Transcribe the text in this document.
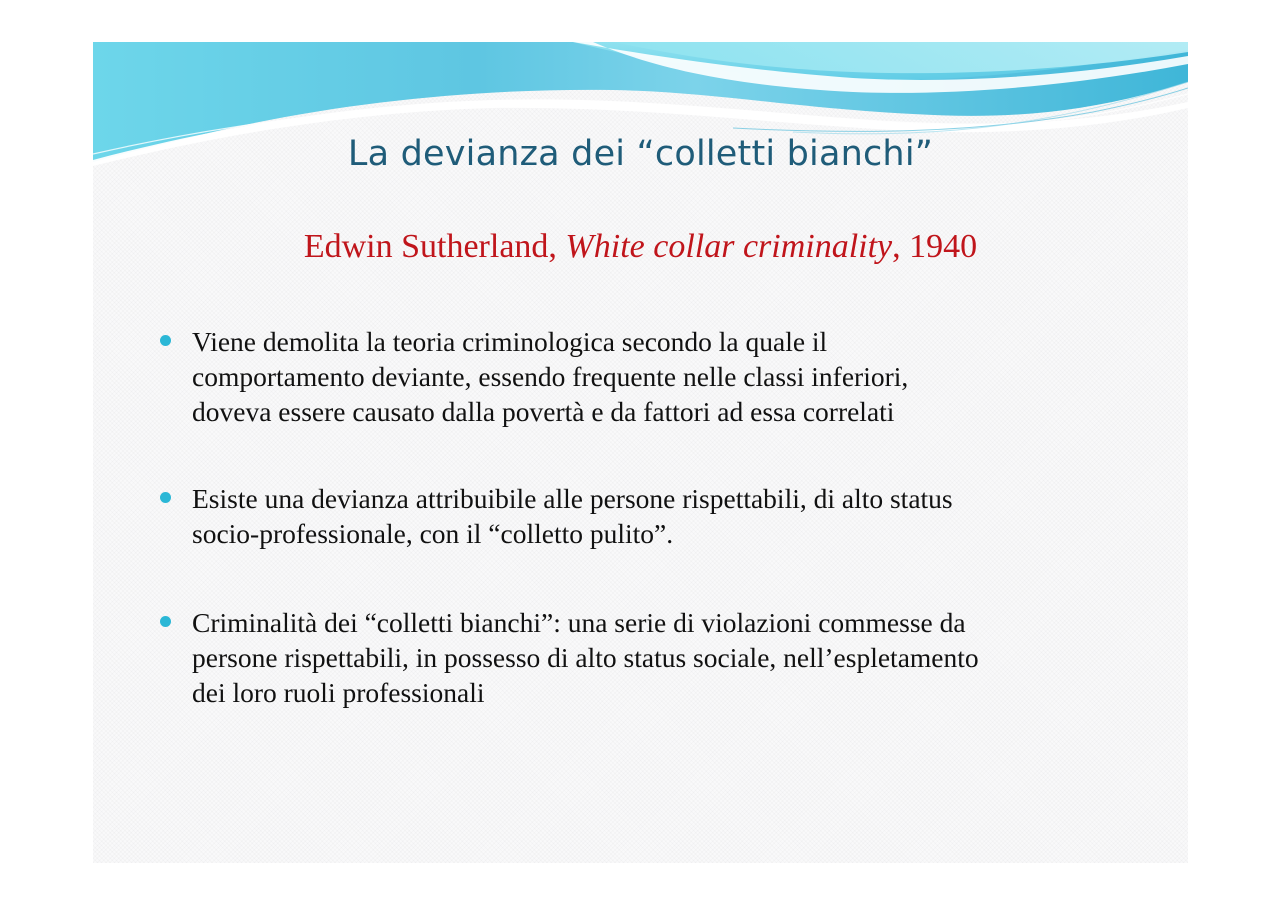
La devianza dei “colletti bianchi”

Edwin Sutherland, White collar criminality, 1940

Viene demolita la teoria criminologica secondo la quale il
comportamento deviante, essendo frequente nelle classi inferiori,
doveva essere causato dalla povertà e da fattori ad essa correlati
Esiste una devianza attribuibile alle persone rispettabili, di alto status
socio-professionale, con il “colletto pulito”.
Criminalità dei “colletti bianchi”: una serie di violazioni commesse da
persone rispettabili, in possesso di alto status sociale, nell’espletamento
dei loro ruoli professionali
